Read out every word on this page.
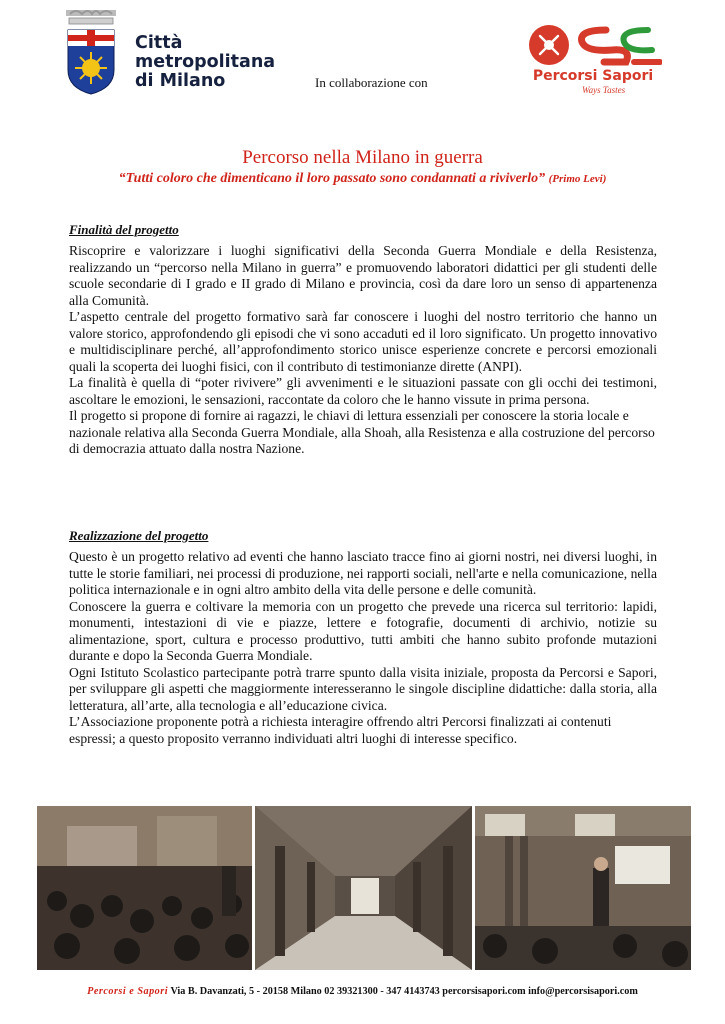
Città
metropolitana
di Milano	In collaborazione con	Percorsi Sapori
Ways Tastes
Percorso nella Milano in guerra
“Tutti coloro che dimenticano il loro passato sono condannati a riviverlo” (Primo Levi)
Finalità del progetto

Riscoprire e valorizzare i luoghi significativi della Seconda Guerra Mondiale e della Resistenza, realizzando un “percorso nella Milano in guerra” e promuovendo laboratori didattici per gli studenti delle scuole secondarie di I grado e II grado di Milano e provincia, così da dare loro un senso di appartenenza alla Comunità.

L’aspetto centrale del progetto formativo sarà far conoscere i luoghi del nostro territorio che hanno un valore storico, approfondendo gli episodi che vi sono accaduti ed il loro significato. Un progetto innovativo e multidisciplinare perché, all’approfondimento storico unisce esperienze concrete e percorsi emozionali quali la scoperta dei luoghi fisici, con il contributo di testimonianze dirette (ANPI).

La finalità è quella di “poter rivivere” gli avvenimenti e le situazioni passate con gli occhi dei testimoni, ascoltare le emozioni, le sensazioni, raccontate da coloro che le hanno vissute in prima persona.

Il progetto si propone di fornire ai ragazzi, le chiavi di lettura essenziali per conoscere la storia locale e nazionale relativa alla Seconda Guerra Mondiale, alla Shoah, alla Resistenza e alla costruzione del percorso di democrazia attuato dalla nostra Nazione.

Realizzazione del progetto

Questo è un progetto relativo ad eventi che hanno lasciato tracce fino ai giorni nostri, nei diversi luoghi, in tutte le storie familiari, nei processi di produzione, nei rapporti sociali, nell'arte e nella comunicazione, nella politica internazionale e in ogni altro ambito della vita delle persone e delle comunità.

Conoscere la guerra e coltivare la memoria con un progetto che prevede una ricerca sul territorio: lapidi, monumenti, intestazioni di vie e piazze, lettere e fotografie, documenti di archivio, notizie su alimentazione, sport, cultura e processo produttivo, tutti ambiti che hanno subito profonde mutazioni durante e dopo la Seconda Guerra Mondiale.

Ogni Istituto Scolastico partecipante potrà trarre spunto dalla visita iniziale, proposta da Percorsi e Sapori, per sviluppare gli aspetti che maggiormente interesseranno le singole discipline didattiche: dalla storia, alla letteratura, all’arte, alla tecnologia e all’educazione civica.

L’Associazione proponente potrà a richiesta interagire offrendo altri Percorsi finalizzati ai contenuti espressi; a questo proposito verranno individuati altri luoghi di interesse specifico.

Percorsi e Sapori Via B. Davanzati, 5 - 20158 Milano 02 39321300 - 347 4143743 percorsisapori.com info@percorsisapori.com
